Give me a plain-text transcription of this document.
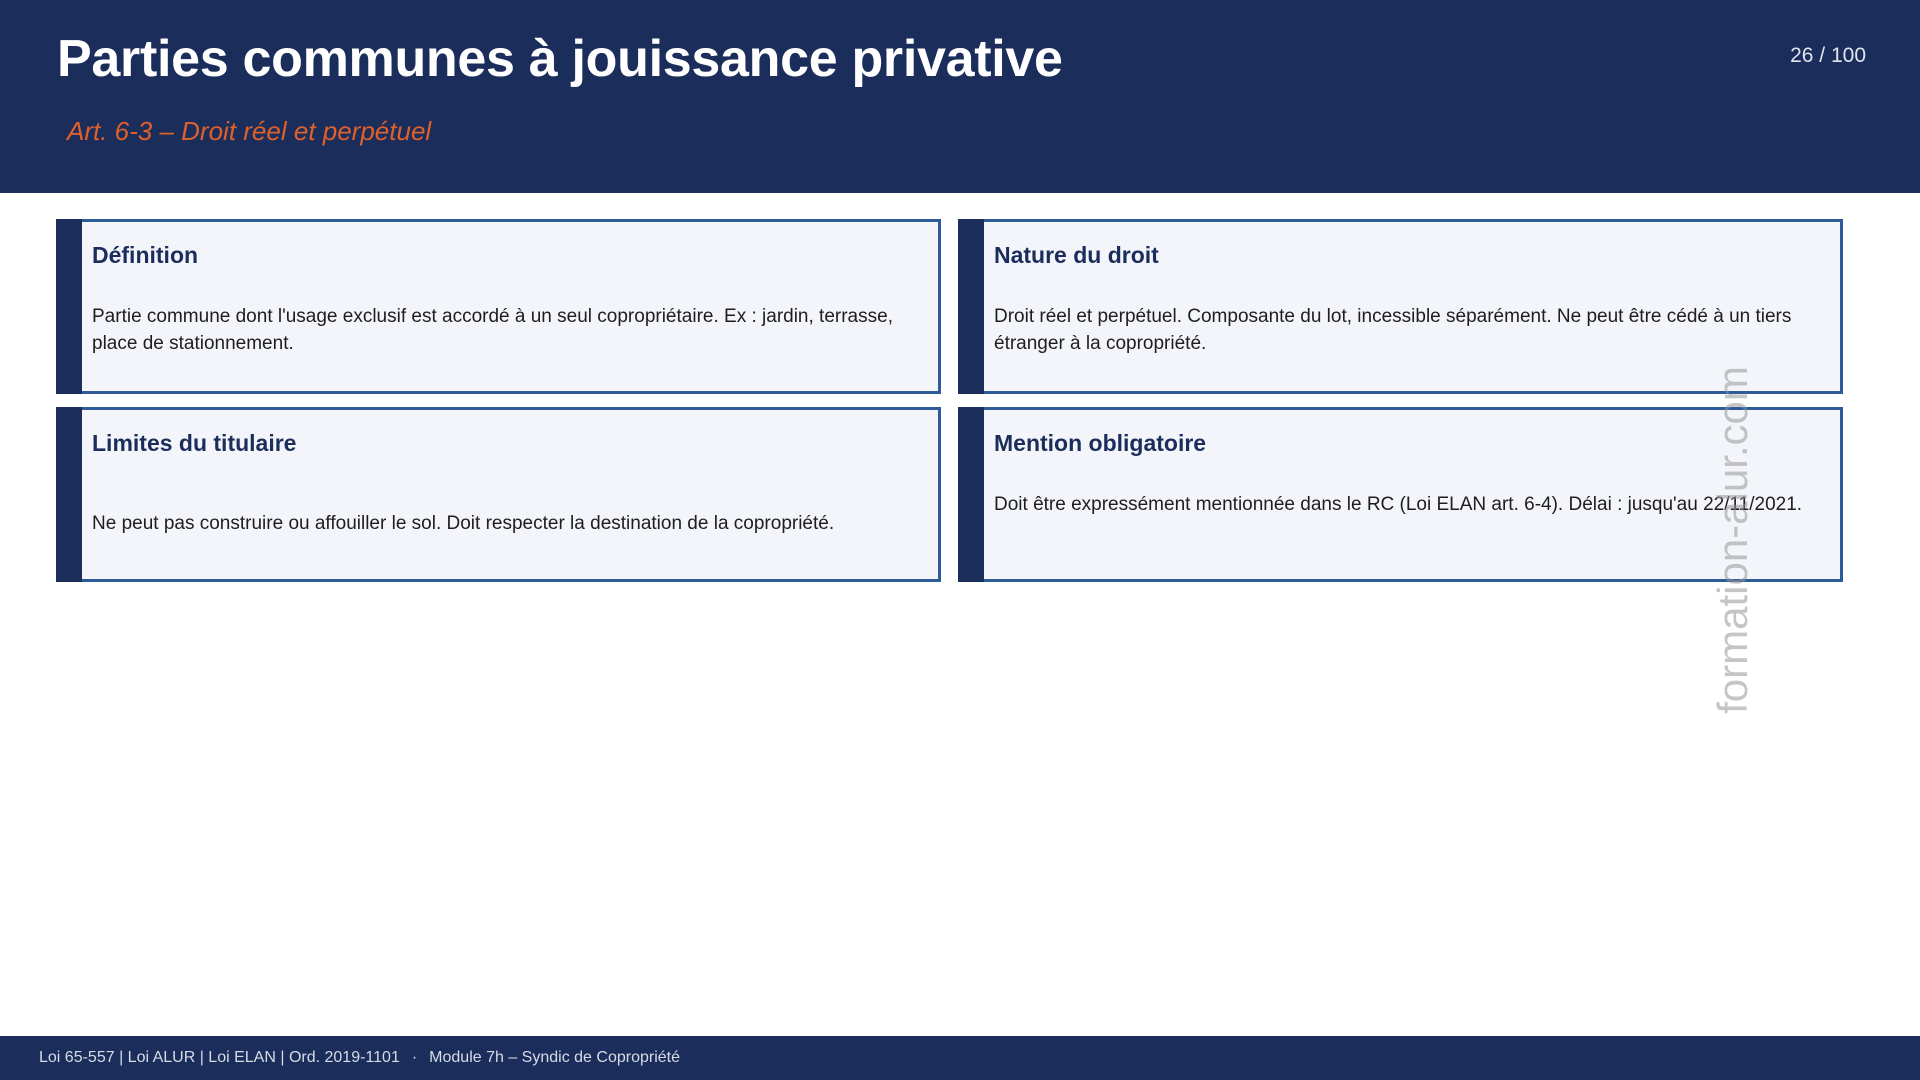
Parties communes à jouissance privative
Art. 6-3 – Droit réel et perpétuel
26 / 100
Définition
Partie commune dont l'usage exclusif est accordé à un seul copropriétaire. Ex : jardin, terrasse, place de stationnement.
Nature du droit
Droit réel et perpétuel. Composante du lot, incessible séparément. Ne peut être cédé à un tiers étranger à la copropriété.
Limites du titulaire
Ne peut pas construire ou affouiller le sol. Doit respecter la destination de la copropriété.
Mention obligatoire
Doit être expressément mentionnée dans le RC (Loi ELAN art. 6-4). Délai : jusqu'au 22/11/2021.
formation-alur.com
Loi 65-557 | Loi ALUR | Loi ELAN | Ord. 2019-1101 · Module 7h – Syndic de Copropriété
